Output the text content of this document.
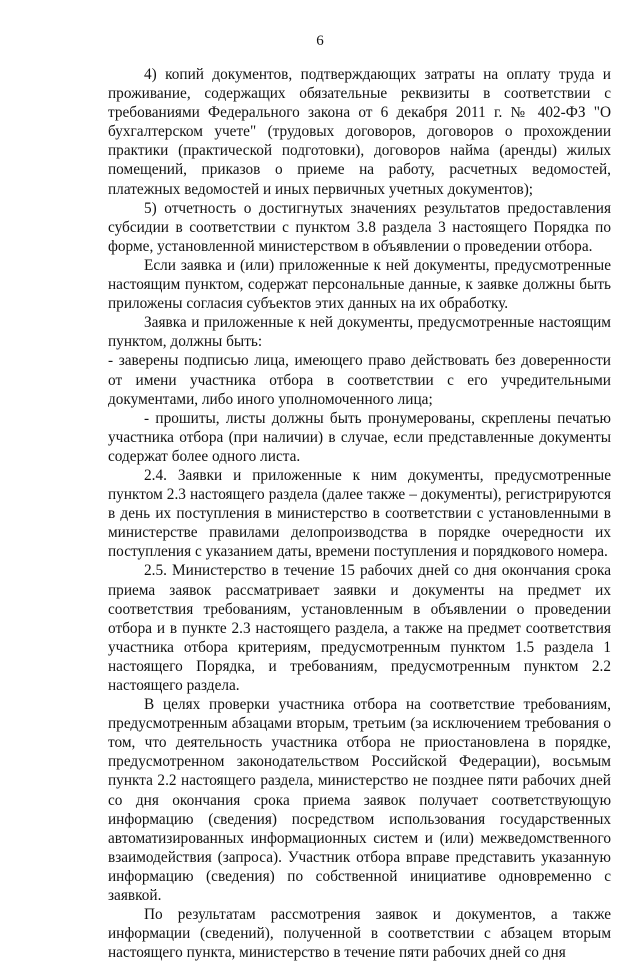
6

4) копий документов, подтверждающих затраты на оплату труда и проживание, содержащих обязательные реквизиты в соответствии с требованиями Федерального закона от 6 декабря 2011 г. № 402-ФЗ "О бухгалтерском учете" (трудовых договоров, договоров о прохождении практики (практической подготовки), договоров найма (аренды) жилых помещений, приказов о приеме на работу, расчетных ведомостей, платежных ведомостей и иных первичных учетных документов);

5) отчетность о достигнутых значениях результатов предоставления субсидии в соответствии с пунктом 3.8 раздела 3 настоящего Порядка по форме, установленной министерством в объявлении о проведении отбора.

Если заявка и (или) приложенные к ней документы, предусмотренные настоящим пунктом, содержат персональные данные, к заявке должны быть приложены согласия субъектов этих данных на их обработку.

Заявка и приложенные к ней документы, предусмотренные настоящим пунктом, должны быть:

- заверены подписью лица, имеющего право действовать без доверенности от имени участника отбора в соответствии с его учредительными документами, либо иного уполномоченного лица;

- прошиты, листы должны быть пронумерованы, скреплены печатью участника отбора (при наличии) в случае, если представленные документы содержат более одного листа.

2.4. Заявки и приложенные к ним документы, предусмотренные пунктом 2.3 настоящего раздела (далее также – документы), регистрируются в день их поступления в министерство в соответствии с установленными в министерстве правилами делопроизводства в порядке очередности их поступления с указанием даты, времени поступления и порядкового номера.

2.5. Министерство в течение 15 рабочих дней со дня окончания срока приема заявок рассматривает заявки и документы на предмет их соответствия требованиям, установленным в объявлении о проведении отбора и в пункте 2.3 настоящего раздела, а также на предмет соответствия участника отбора критериям, предусмотренным пунктом 1.5 раздела 1 настоящего Порядка, и требованиям, предусмотренным пунктом 2.2 настоящего раздела.

В целях проверки участника отбора на соответствие требованиям, предусмотренным абзацами вторым, третьим (за исключением требования о том, что деятельность участника отбора не приостановлена в порядке, предусмотренном законодательством Российской Федерации), восьмым пункта 2.2 настоящего раздела, министерство не позднее пяти рабочих дней со дня окончания срока приема заявок получает соответствующую информацию (сведения) посредством использования государственных автоматизированных информационных систем и (или) межведомственного взаимодействия (запроса). Участник отбора вправе представить указанную информацию (сведения) по собственной инициативе одновременно с заявкой.

По результатам рассмотрения заявок и документов, а также информации (сведений), полученной в соответствии с абзацем вторым настоящего пункта, министерство в течение пяти рабочих дней со дня
